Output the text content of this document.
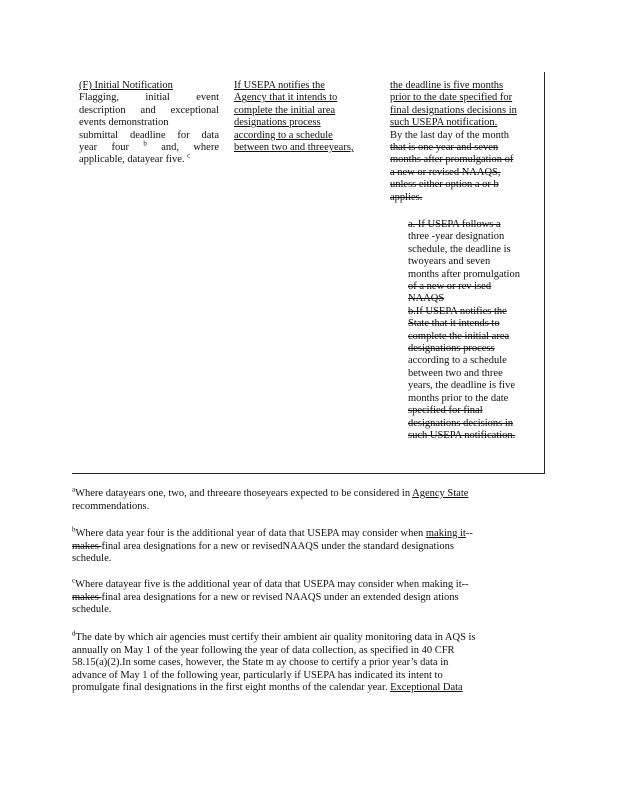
(F) Initial Notification
Flagging, initial event
description and exceptional
events demonstration
submittal deadline for data
year four $^b$ and, where
applicable, datayear five. $^c$
If USEPA notifies the
Agency that it intends to
complete the initial area
designations process
according to a schedule
between two and threeyears,
the deadline is five months
prior to the date specified for
final designations decisions in
such USEPA notification.
By the last day of the month
that is one year and seven
months after promulgation of
a new or revised NAAQS,
unless either option a or b
applies.
a. If USEPA follows a
three -year designation
schedule, the deadline is
twoyears and seven
months after promulgation
of a new or rev ised
NAAQS
b.If USEPA notifies the
State that it intends to
complete the initial area
designations process
according to a schedule
between two and three
years, the deadline is five
months prior to the date
specified for final
designations decisions in
such USEPA notification.
$^a$Where datayears one, two, and threeare thoseyears expected to be considered in Agency State
recommendations.
$^b$Where data year four is the additional year of data that USEPA may consider when making it--
makes final area designations for a new or revisedNAAQS under the standard designations
schedule.
$^c$Where datayear five is the additional year of data that USEPA may consider when making it--
makes final area designations for a new or revised NAAQS under an extended design ations
schedule.
$^d$The date by which air agencies must certify their ambient air quality monitoring data in AQS is
annually on May 1 of the year following the year of data collection, as specified in 40 CFR
58.15(a)(2).In some cases, however, the State m ay choose to certify a prior year’s data in
advance of May 1 of the following year, particularly if USEPA has indicated its intent to
promulgate final designations in the first eight months of the calendar year. Exceptional Data
